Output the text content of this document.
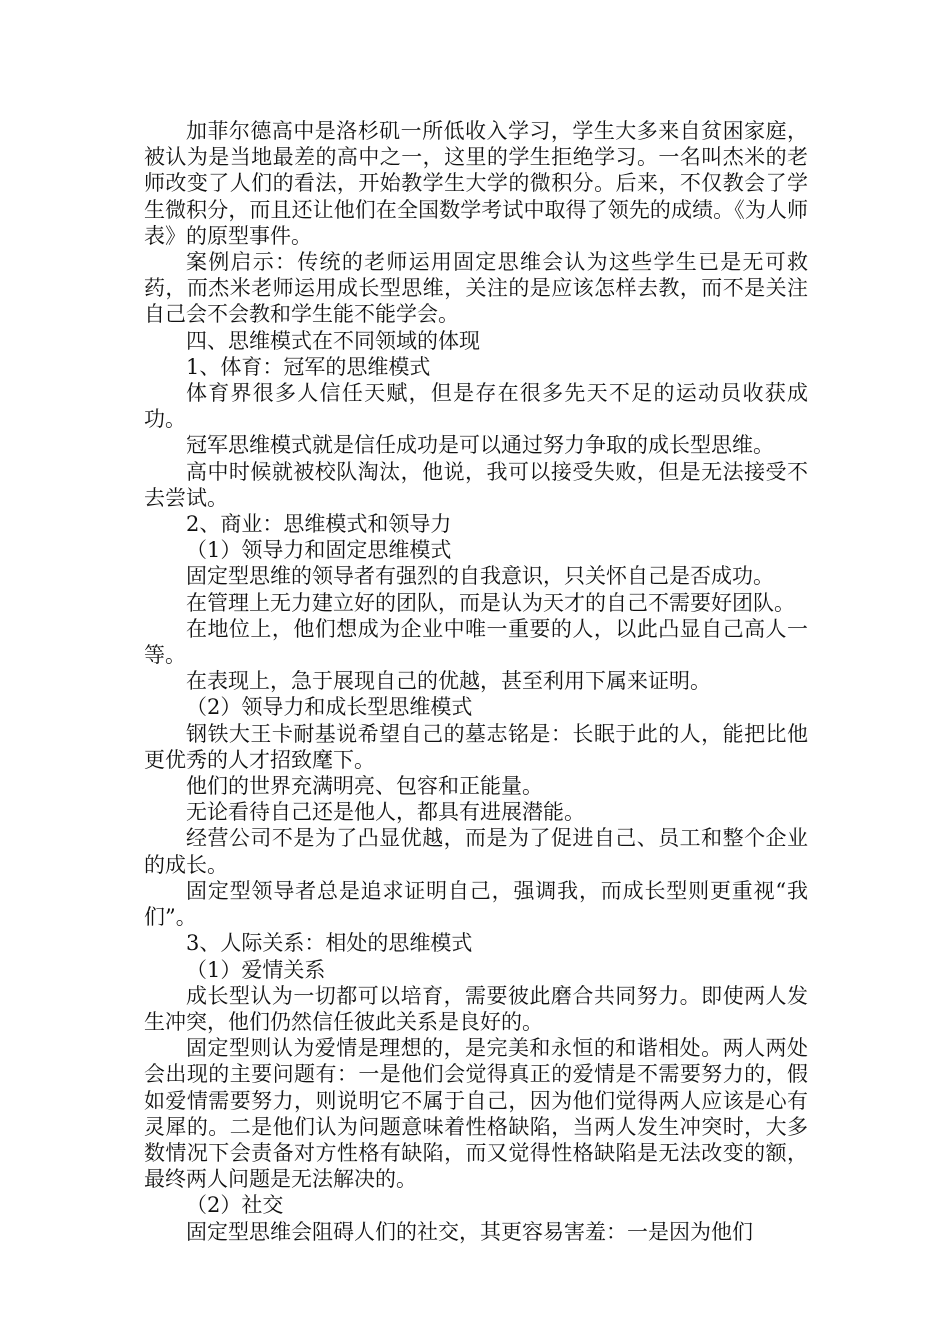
加菲尔德高中是洛杉矶一所低收入学习，学生大多来自贫困家庭，被认为是当地最差的高中之一，这里的学生拒绝学习。一名叫杰米的老师改变了人们的看法，开始教学生大学的微积分。后来，不仅教会了学生微积分，而且还让他们在全国数学考试中取得了领先的成绩。《为人师表》的原型事件。

案例启示：传统的老师运用固定思维会认为这些学生已是无可救药，而杰米老师运用成长型思维，关注的是应该怎样去教，而不是关注自己会不会教和学生能不能学会。

四、思维模式在不同领域的体现

1、体育：冠军的思维模式

体育界很多人信任天赋，但是存在很多先天不足的运动员收获成功。

冠军思维模式就是信任成功是可以通过努力争取的成长型思维。

高中时候就被校队淘汰，他说，我可以接受失败，但是无法接受不去尝试。

2、商业：思维模式和领导力

（1）领导力和固定思维模式

固定型思维的领导者有强烈的自我意识，只关怀自己是否成功。

在管理上无力建立好的团队，而是认为天才的自己不需要好团队。

在地位上，他们想成为企业中唯一重要的人，以此凸显自己高人一等。

在表现上，急于展现自己的优越，甚至利用下属来证明。

（2）领导力和成长型思维模式

钢铁大王卡耐基说希望自己的墓志铭是：长眠于此的人，能把比他更优秀的人才招致麾下。

他们的世界充满明亮、包容和正能量。

无论看待自己还是他人，都具有进展潜能。

经营公司不是为了凸显优越，而是为了促进自己、员工和整个企业的成长。

固定型领导者总是追求证明自己，强调我，而成长型则更重视“我们”。

3、人际关系：相处的思维模式

（1）爱情关系

成长型认为一切都可以培育，需要彼此磨合共同努力。即使两人发生冲突，他们仍然信任彼此关系是良好的。

固定型则认为爱情是理想的，是完美和永恒的和谐相处。两人两处会出现的主要问题有：一是他们会觉得真正的爱情是不需要努力的，假如爱情需要努力，则说明它不属于自己，因为他们觉得两人应该是心有灵犀的。二是他们认为问题意味着性格缺陷，当两人发生冲突时，大多数情况下会责备对方性格有缺陷，而又觉得性格缺陷是无法改变的额，最终两人问题是无法解决的。

（2）社交

固定型思维会阻碍人们的社交，其更容易害羞：一是因为他们
